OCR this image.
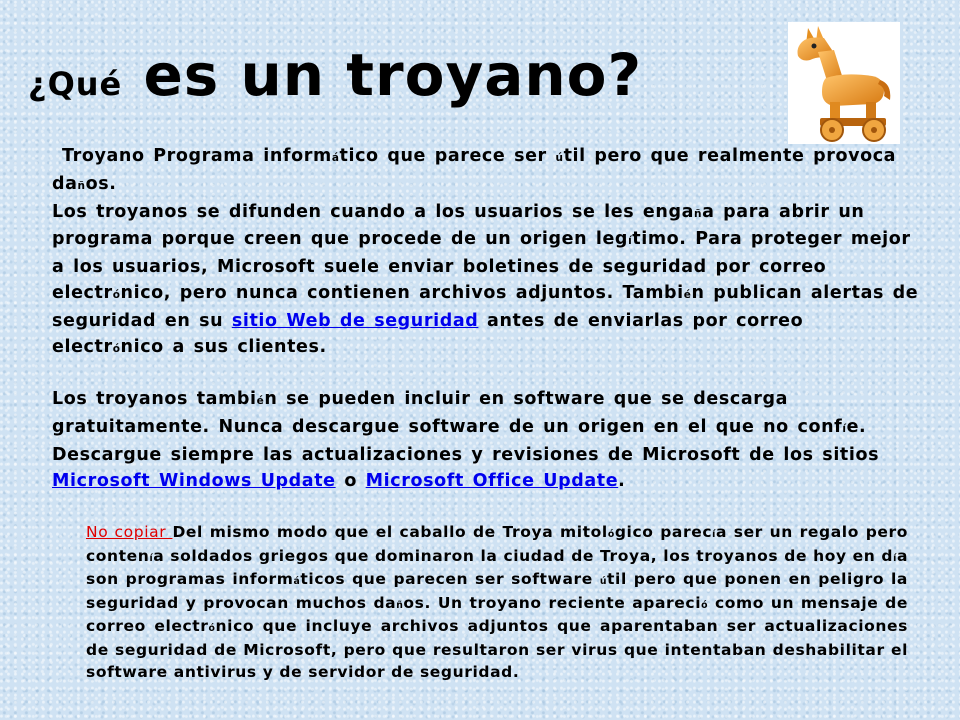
¿Qué es un troyano?

Troyano Programa informático que parece ser útil pero que realmente provoca daños.

Los troyanos se difunden cuando a los usuarios se les engaña para abrir un programa porque creen que procede de un origen legítimo. Para proteger mejor a los usuarios, Microsoft suele enviar boletines de seguridad por correo electrónico, pero nunca contienen archivos adjuntos. También publican alertas de seguridad en su sitio Web de seguridad antes de enviarlas por correo electrónico a sus clientes.

Los troyanos también se pueden incluir en software que se descarga gratuitamente. Nunca descargue software de un origen en el que no confíe. Descargue siempre las actualizaciones y revisiones de Microsoft de los sitios Microsoft Windows Update o Microsoft Office Update.

No copiar Del mismo modo que el caballo de Troya mitológico parecía ser un regalo pero contenía soldados griegos que dominaron la ciudad de Troya, los troyanos de hoy en día son programas informáticos que parecen ser software útil pero que ponen en peligro la seguridad y provocan muchos daños. Un troyano reciente apareció como un mensaje de correo electrónico que incluye archivos adjuntos que aparentaban ser actualizaciones de seguridad de Microsoft, pero que resultaron ser virus que intentaban deshabilitar el software antivirus y de servidor de seguridad.
